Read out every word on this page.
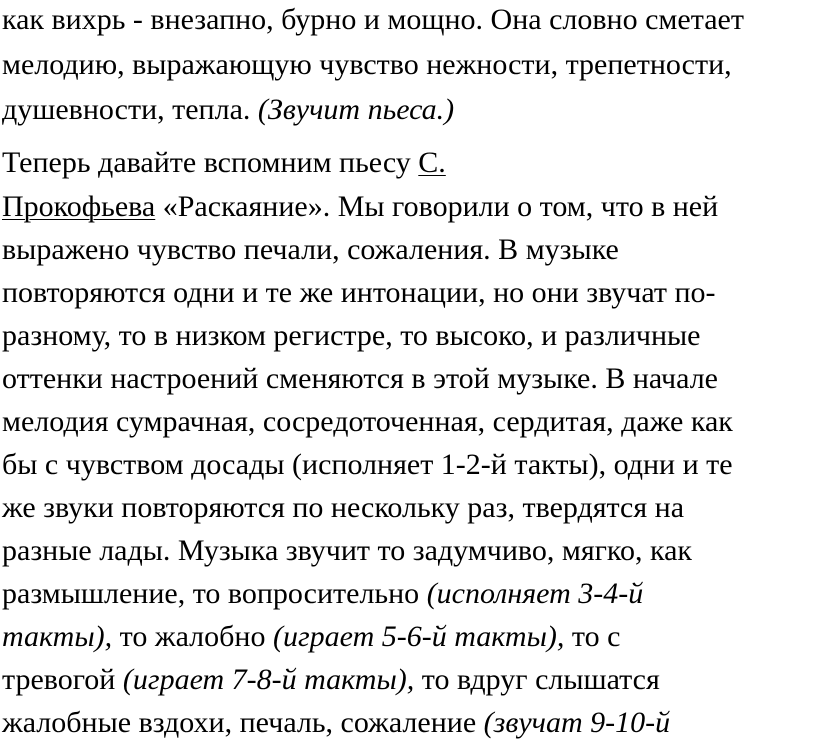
как вихрь - внезапно, бурно и мощно. Она словно сметает
мелодию, выражающую чувство нежности, трепетности,
душевности, тепла. (Звучит пьеса.)
Теперь давайте вспомним пьесу С.
Прокофьева «Раскаяние». Мы говорили о том, что в ней
выражено чувство печали, сожаления. В музыке
повторяются одни и те же интонации, но они звучат по-
разному, то в низком регистре, то высоко, и различные
оттенки настроений сменяются в этой музыке. В начале
мелодия сумрачная, сосредоточенная, сердитая, даже как
бы с чувством досады (исполняет 1-2-й такты), одни и те
же звуки повторяются по нескольку раз, твердятся на
разные лады. Музыка звучит то задумчиво, мягко, как
размышление, то вопросительно (исполняет 3-4-й
такты), то жалобно (играет 5-6-й такты), то с
тревогой (играет 7-8-й такты), то вдруг слышатся
жалобные вздохи, печаль, сожаление (звучат 9-10-й
